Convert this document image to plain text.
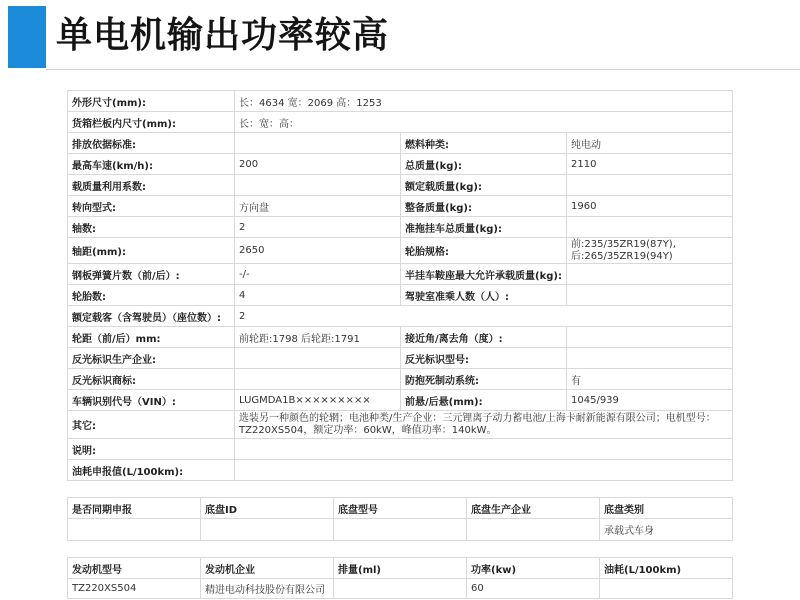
单电机输出功率较高
外形尺寸(mm):	长：4634 宽：2069 高：1253		
货箱栏板内尺寸(mm):	长：宽：高：		
排放依据标准:		燃料种类:	纯电动
最高车速(km/h):	200	总质量(kg):	2110
载质量利用系数:		额定载质量(kg):	
转向型式:	方向盘	整备质量(kg):	1960
轴数:	2	准拖挂车总质量(kg):	
轴距(mm):	2650	轮胎规格:	前:235/35ZR19(87Y),
后:265/35ZR19(94Y)
钢板弹簧片数（前/后）:	-/-	半挂车鞍座最大允许承载质量(kg):	
轮胎数:	4	驾驶室准乘人数（人）:	
额定载客（含驾驶员）（座位数）:	2		
轮距（前/后）mm:	前轮距:1798 后轮距:1791	接近角/离去角（度）:	
反光标识生产企业:		反光标识型号:	
反光标识商标:		防抱死制动系统:	有
车辆识别代号（VIN）:	LUGMDA1B×××××××××	前悬/后悬(mm):	1045/939
其它:	选装另一种颜色的轮辋；电池种类/生产企业：三元锂离子动力蓄电池/上海卡耐新能源有限公司；电机型号：TZ220XS504，额定功率：60kW，峰值功率：140kW。		
说明:			
油耗申报值(L/100km):			
是否同期申报	底盘ID	底盘型号	底盘生产企业	底盘类别
				承载式车身
发动机型号	发动机企业	排量(ml)	功率(kw)	油耗(L/100km)
TZ220XS504	精进电动科技股份有限公司		60	
